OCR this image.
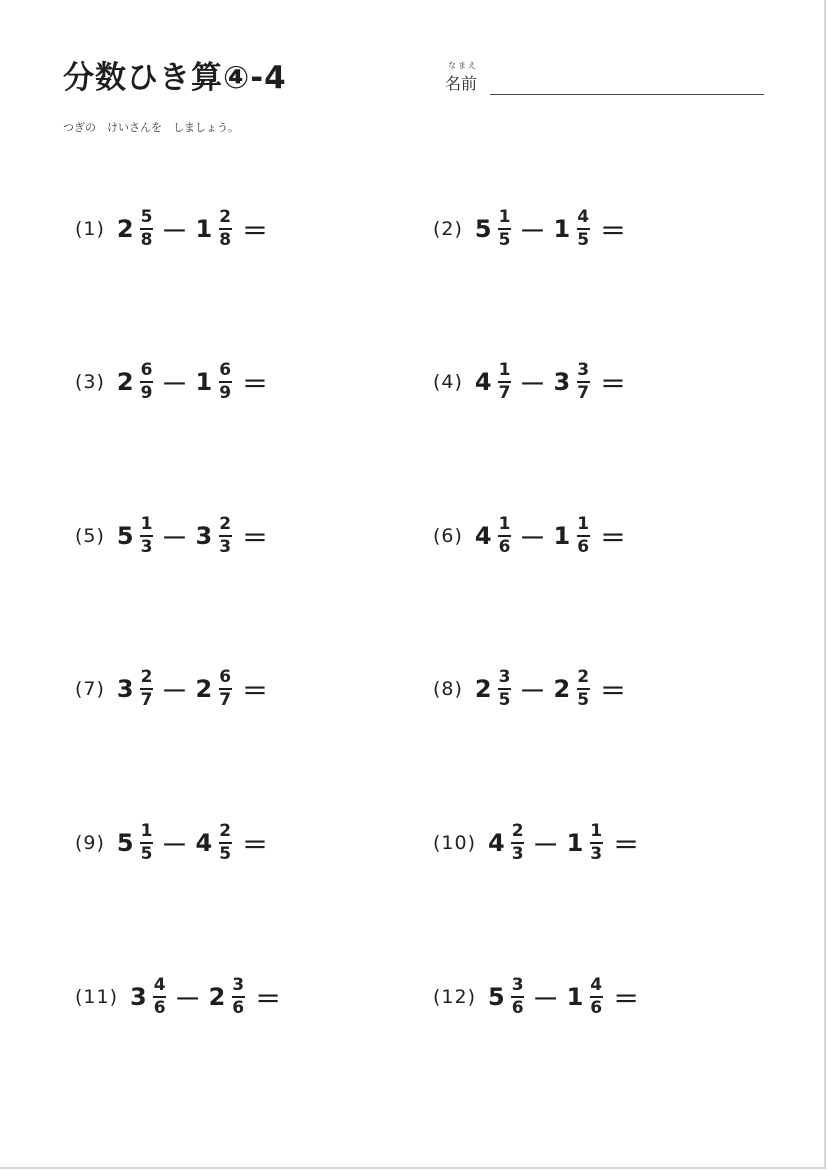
分数ひき算④-4	なまえ
名前
つぎの　けいさんを　しましょう。
(1) $2 \frac{5}{8} - 1 \frac{2}{8}$ ＝	(2) $5 \frac{1}{5} - 1 \frac{4}{5}$ ＝
(3) $2 \frac{6}{9} - 1 \frac{6}{9}$ ＝	(4) $4 \frac{1}{7} - 3 \frac{3}{7}$ ＝
(5) $5 \frac{1}{3} - 3 \frac{2}{3}$ ＝	(6) $4 \frac{1}{6} - 1 \frac{1}{6}$ ＝
(7) $3 \frac{2}{7} - 2 \frac{6}{7}$ ＝	(8) $2 \frac{3}{5} - 2 \frac{2}{5}$ ＝
(9) $5 \frac{1}{5} - 4 \frac{2}{5}$ ＝	(10) $4 \frac{2}{3} - 1 \frac{1}{3}$ ＝
(11) $3 \frac{4}{6} - 2 \frac{3}{6}$ ＝	(12) $5 \frac{3}{6} - 1 \frac{4}{6}$ ＝
